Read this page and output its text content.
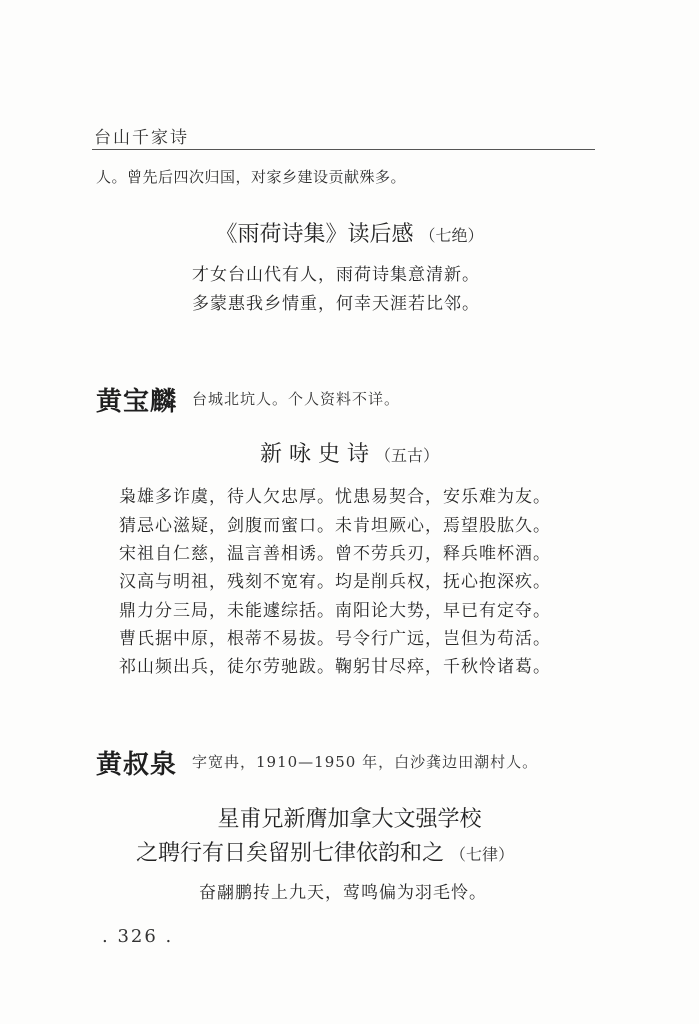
台山千家诗
人。曾先后四次归国，对家乡建设贡献殊多。
《雨荷诗集》读后感 （七绝）
才女台山代有人，雨荷诗集意清新。
多蒙惠我乡情重，何幸天涯若比邻。
黄宝麟 台城北坑人。个人资料不详。
新 咏 史 诗 （五古）
枭雄多诈虞，待人欠忠厚。忧患易契合，安乐难为友。
猜忌心滋疑，剑腹而蜜口。未肯坦厥心，焉望股肱久。
宋祖自仁慈，温言善相诱。曾不劳兵刃，释兵唯杯酒。
汉高与明祖，残刻不宽宥。均是削兵权，抚心抱深疚。
鼎力分三局，未能遽综括。南阳论大势，早已有定夺。
曹氏据中原，根蒂不易拔。号令行广远，岂但为苟活。
祁山频出兵，徒尔劳驰跋。鞠躬甘尽瘁，千秋怜诸葛。
黄叔泉 字宽冉，1910—1950 年，白沙龚边田潮村人。
星甫兄新膺加拿大文强学校
之聘行有日矣留别七律依韵和之 （七律）
奋翮鹏抟上九天，莺鸣偏为羽毛怜。
. 326 .
